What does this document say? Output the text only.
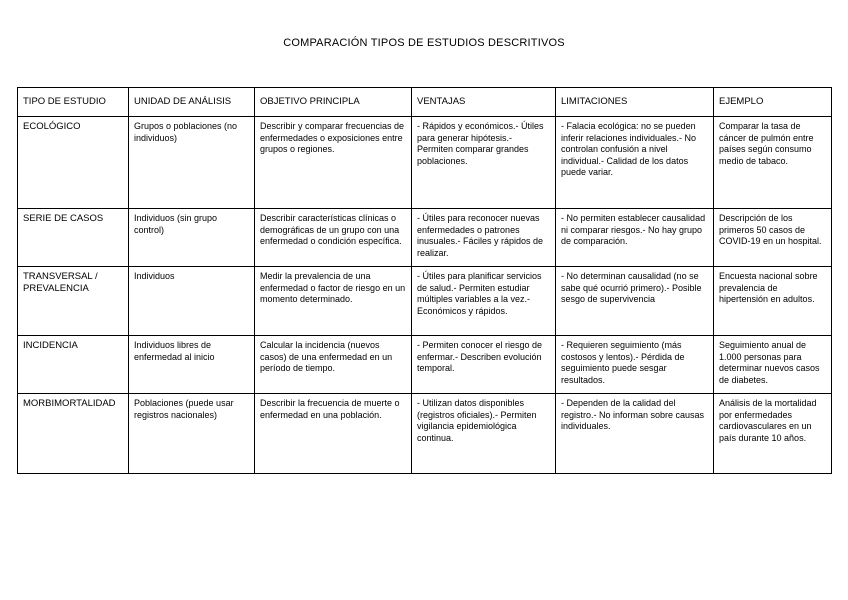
COMPARACIÓN TIPOS DE ESTUDIOS DESCRITIVOS
TIPO DE ESTUDIO	UNIDAD DE ANÁLISIS	OBJETIVO PRINCIPLA	VENTAJAS	LIMITACIONES	EJEMPLO
ECOLÓGICO	Grupos o poblaciones (no individuos)	Describir y comparar frecuencias de enfermedades o exposiciones entre grupos o regiones.	- Rápidos y económicos.- Útiles para generar hipótesis.- Permiten comparar grandes poblaciones.	- Falacia ecológica: no se pueden inferir relaciones individuales.- No controlan confusión a nivel individual.- Calidad de los datos puede variar.	Comparar la tasa de cáncer de pulmón entre países según consumo medio de tabaco.
SERIE DE CASOS	Individuos (sin grupo control)	Describir características clínicas o demográficas de un grupo con una enfermedad o condición específica.	- Útiles para reconocer nuevas enfermedades o patrones inusuales.- Fáciles y rápidos de realizar.	- No permiten establecer causalidad ni comparar riesgos.- No hay grupo de comparación.	Descripción de los primeros 50 casos de COVID-19 en un hospital.
TRANSVERSAL / PREVALENCIA	Individuos	Medir la prevalencia de una enfermedad o factor de riesgo en un momento determinado.	- Útiles para planificar servicios de salud.- Permiten estudiar múltiples variables a la vez.- Económicos y rápidos.	- No determinan causalidad (no se sabe qué ocurrió primero).- Posible sesgo de supervivencia	Encuesta nacional sobre prevalencia de hipertensión en adultos.
INCIDENCIA	Individuos libres de enfermedad al inicio	Calcular la incidencia (nuevos casos) de una enfermedad en un período de tiempo.	- Permiten conocer el riesgo de enfermar.- Describen evolución temporal.	- Requieren seguimiento (más costosos y lentos).- Pérdida de seguimiento puede sesgar resultados.	Seguimiento anual de 1.000 personas para determinar nuevos casos de diabetes.
MORBIMORTALIDAD	Poblaciones (puede usar registros nacionales)	Describir la frecuencia de muerte o enfermedad en una población.	- Utilizan datos disponibles (registros oficiales).- Permiten vigilancia epidemiológica continua.	- Dependen de la calidad del registro.- No informan sobre causas individuales.	Análisis de la mortalidad por enfermedades cardiovasculares en un país durante 10 años.
